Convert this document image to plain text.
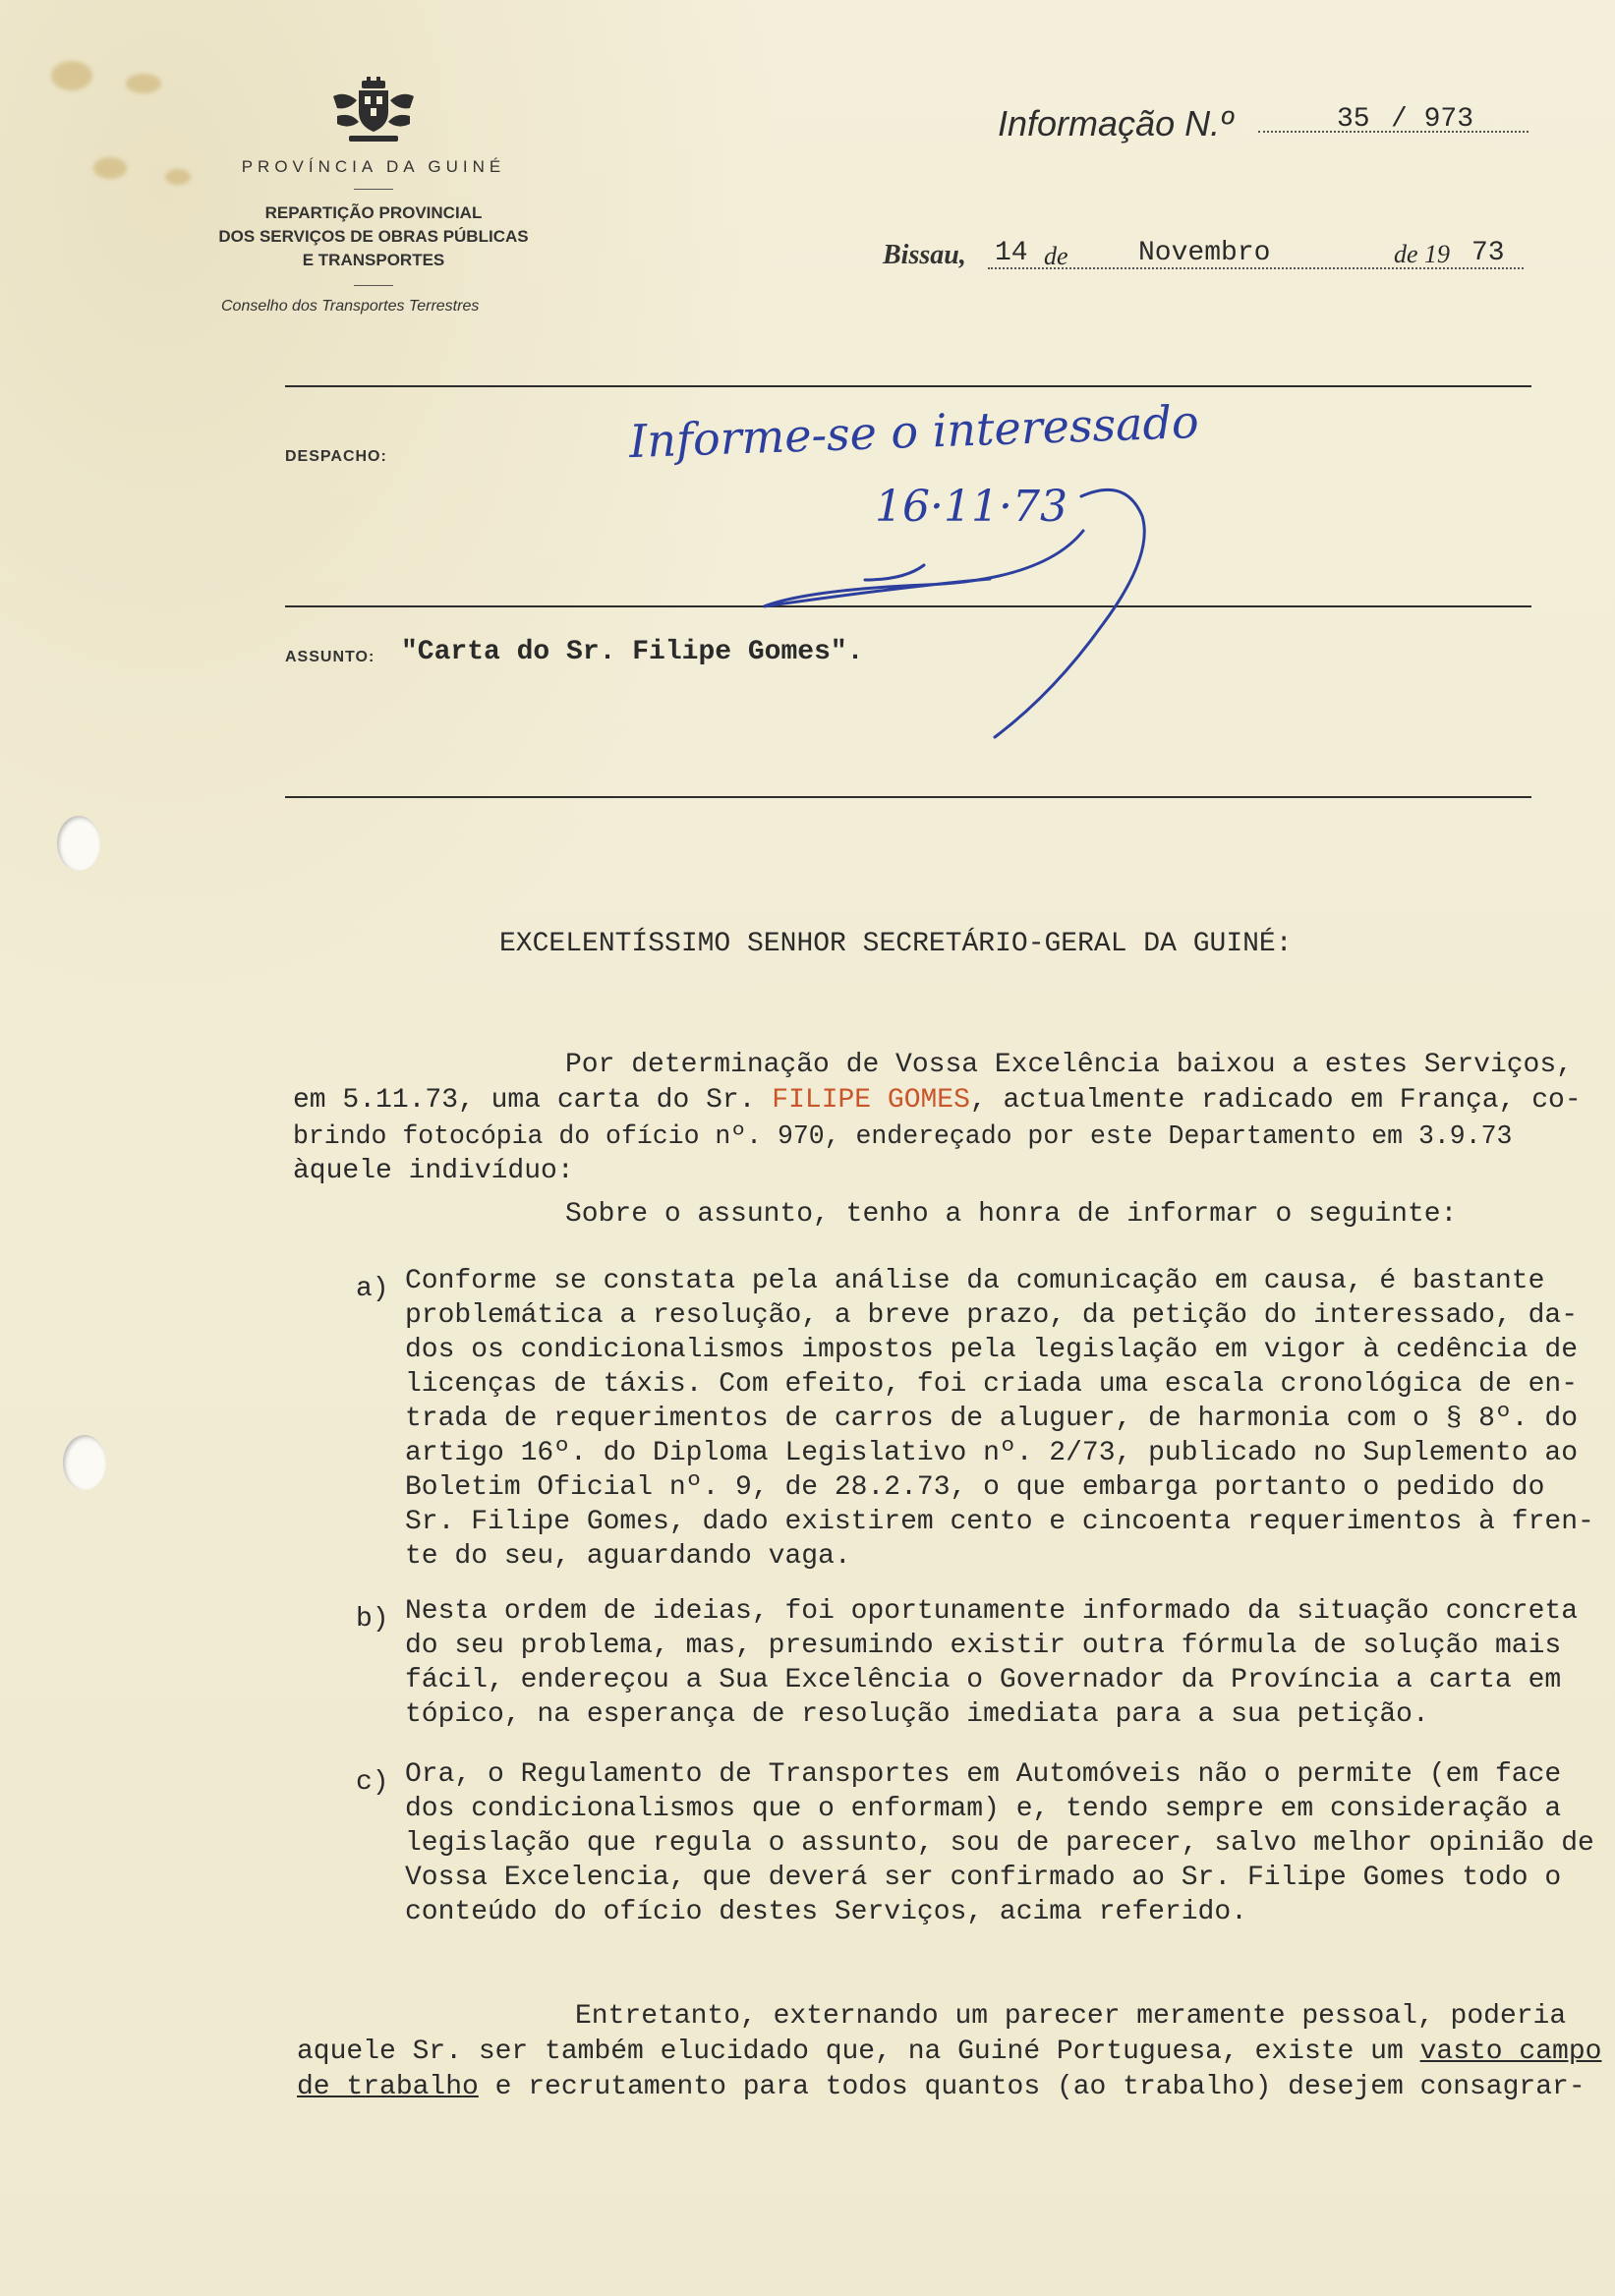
PROVÍNCIA DA GUINÉ
REPARTIÇÃO PROVINCIAL
DOS SERVIÇOS DE OBRAS PÚBLICAS
E TRANSPORTES
Conselho dos Transportes Terrestres
Informação N.º	35 / 973
Bissau, 14 de	Novembro	de 19 73
DESPACHO:
ASSUNTO: "Carta do Sr. Filipe Gomes".
Informe-se o interessado
16·11·73
EXCELENTÍSSIMO SENHOR SECRETÁRIO-GERAL DA GUINÉ:
Por determinação de Vossa Excelência baixou a estes Serviços,
em 5.11.73, uma carta do Sr. FILIPE GOMES, actualmente radicado em França, co-
brindo fotocópia do ofício nº. 970, endereçado por este Departamento em 3.9.73
àquele indivíduo:
Sobre o assunto, tenho a honra de informar o seguinte:
a) Conforme se constata pela análise da comunicação em causa, é bastante
problemática a resolução, a breve prazo, da petição do interessado, da-
dos os condicionalismos impostos pela legislação em vigor à cedência de
licenças de táxis. Com efeito, foi criada uma escala cronológica de en-
trada de requerimentos de carros de aluguer, de harmonia com o § 8º. do
artigo 16º. do Diploma Legislativo nº. 2/73, publicado no Suplemento ao
Boletim Oficial nº. 9, de 28.2.73, o que embarga portanto o pedido do
Sr. Filipe Gomes, dado existirem cento e cincoenta requerimentos à fren-
te do seu, aguardando vaga.
b) Nesta ordem de ideias, foi oportunamente informado da situação concreta
do seu problema, mas, presumindo existir outra fórmula de solução mais
fácil, endereçou a Sua Excelência o Governador da Província a carta em
tópico, na esperança de resolução imediata para a sua petição.
c) Ora, o Regulamento de Transportes em Automóveis não o permite (em face
dos condicionalismos que o enformam) e, tendo sempre em consideração a
legislação que regula o assunto, sou de parecer, salvo melhor opinião de
Vossa Excelencia, que deverá ser confirmado ao Sr. Filipe Gomes todo o
conteúdo do ofício destes Serviços, acima referido.
Entretanto, externando um parecer meramente pessoal, poderia
aquele Sr. ser também elucidado que, na Guiné Portuguesa, existe um vasto campo
de trabalho e recrutamento para todos quantos (ao trabalho) desejem consagrar-
